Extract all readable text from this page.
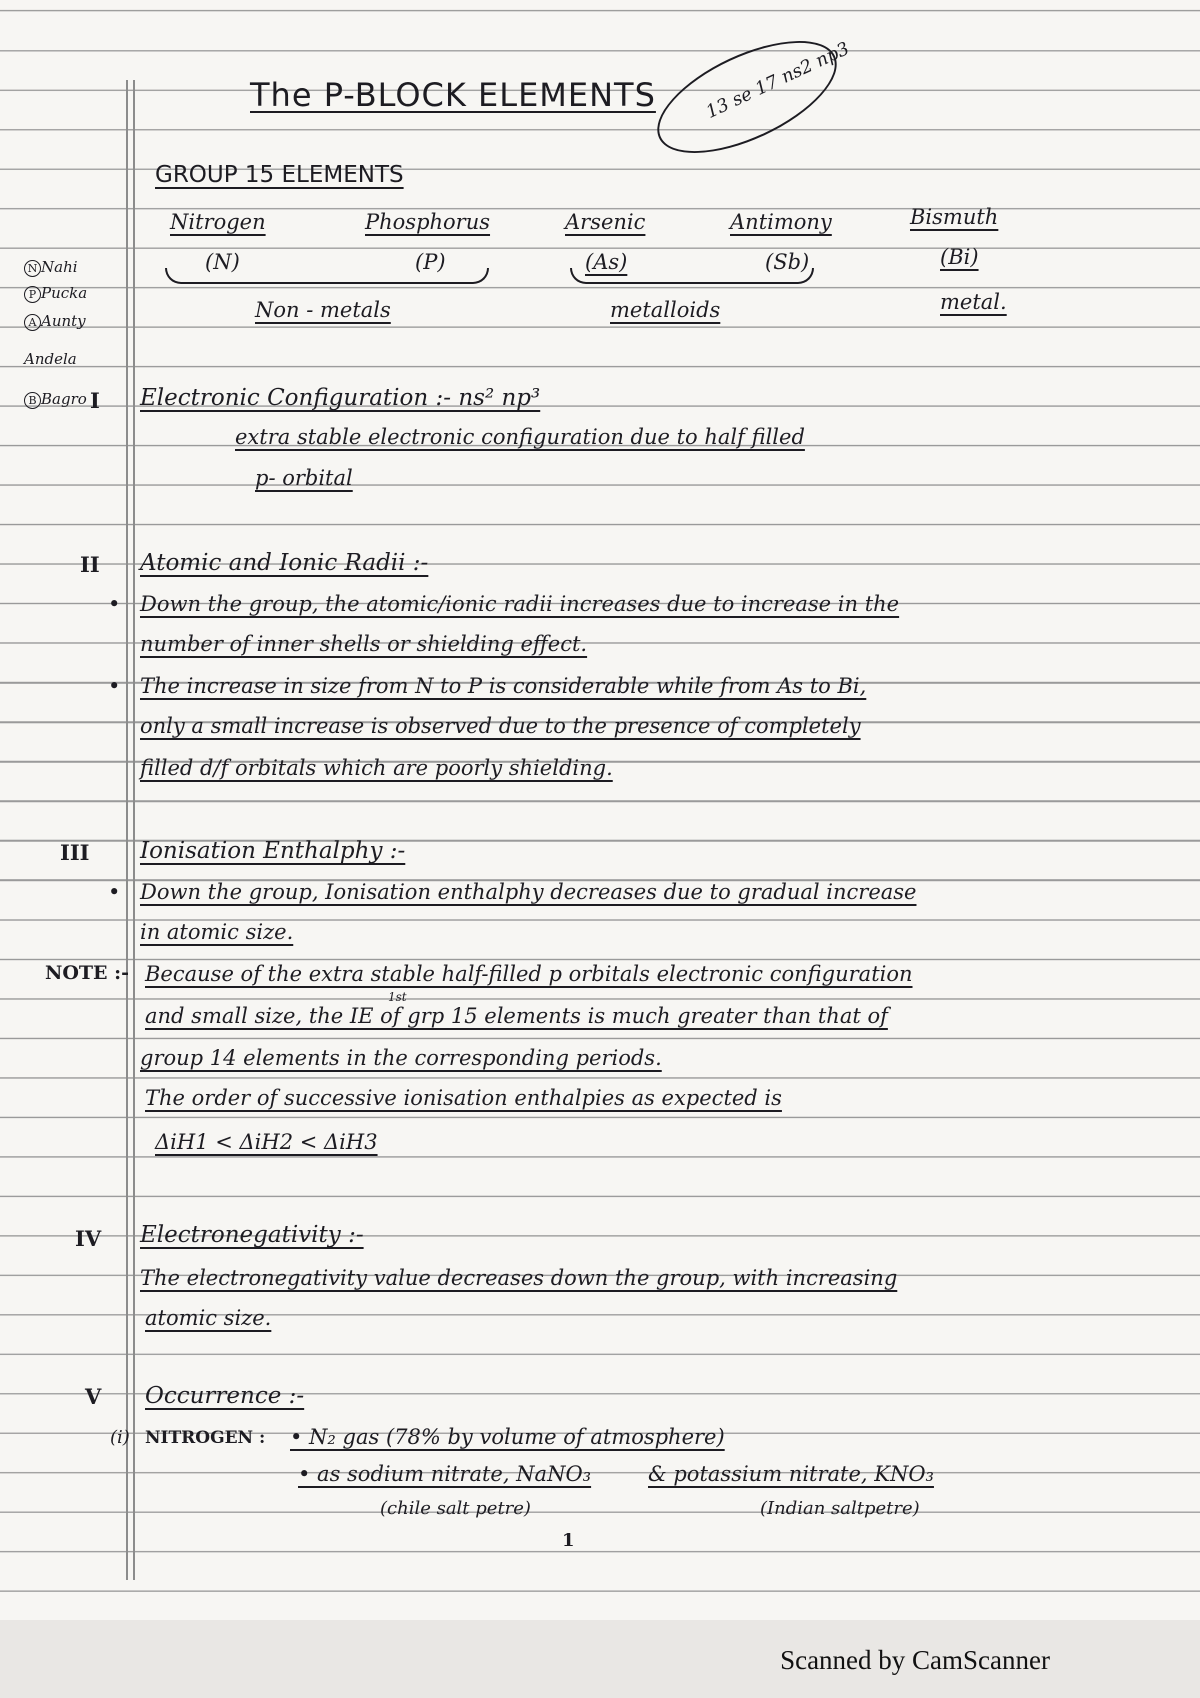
13 se 17 ns2 np3
The P-BLOCK ELEMENTS
GROUP 15 ELEMENTS
Nitrogen	Phosphorus	Arsenic	Antimony	Bismuth
(N)	(P)	(As)	(Sb)	(Bi)
Non - metals	metalloids	metal.
N Nahi
P Pucka
A Aunty
Andela
B Bagro I Electronic Configuration :- ns² np³
extra stable electronic configuration due to half filled
p- orbital
II Atomic and Ionic Radii :-
• Down the group, the atomic/ionic radii increases due to increase in the
number of inner shells or shielding effect.
• The increase in size from N to P is considerable while from As to Bi,
only a small increase is observed due to the presence of completely
filled d/f orbitals which are poorly shielding.
III Ionisation Enthalphy :-
• Down the group, Ionisation enthalphy decreases due to gradual increase
in atomic size.
NOTE :- Because of the extra stable half-filled p orbitals electronic configuration
1st
and small size, the IE of grp 15 elements is much greater than that of
group 14 elements in the corresponding periods.
The order of successive ionisation enthalpies as expected is
ΔiH1 < ΔiH2 < ΔiH3
IV Electronegativity :-
The electronegativity value decreases down the group, with increasing
atomic size.
V Occurrence :-
(i) NITROGEN : • N₂ gas (78% by volume of atmosphere)
• as sodium nitrate, NaNO₃	& potassium nitrate, KNO₃
(chile salt petre)	(Indian saltpetre)
1
Scanned by CamScanner
